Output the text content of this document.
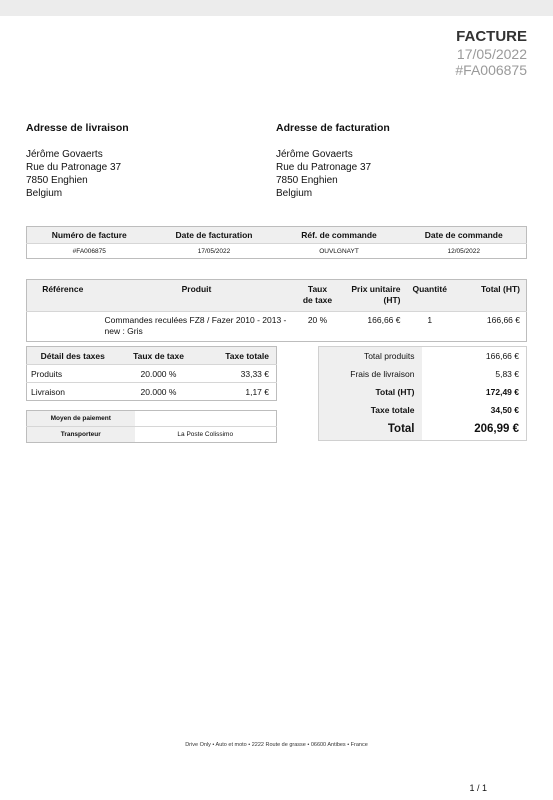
FACTURE
17/05/2022
#FA006875
Adresse de livraison
Jérôme Govaerts
Rue du Patronage 37
7850 Enghien
Belgium
Adresse de facturation
Jérôme Govaerts
Rue du Patronage 37
7850 Enghien
Belgium
Numéro de facture	Date de facturation	Réf. de commande	Date de commande
#FA006875	17/05/2022	OUVLGNAYT	12/05/2022
Référence	Produit	Taux de taxe	Prix unitaire (HT)	Quantité	Total (HT)
	Commandes reculées FZ8 / Fazer 2010 - 2013 - new : Gris	20 %	166,66 €	1	166,66 €
Détail des taxes	Taux de taxe	Taxe totale
Produits	20.000 %	33,33 €
Livraison	20.000 %	1,17 €
Moyen de paiement	
Transporteur	La Poste Colissimo
Total produits	166,66 €
Frais de livraison	5,83 €
Total (HT)	172,49 €
Taxe totale	34,50 €
Total	206,99 €
Drive Only • Auto et moto • 2222 Route de grasse • 06600 Antibes • France
1 / 1
